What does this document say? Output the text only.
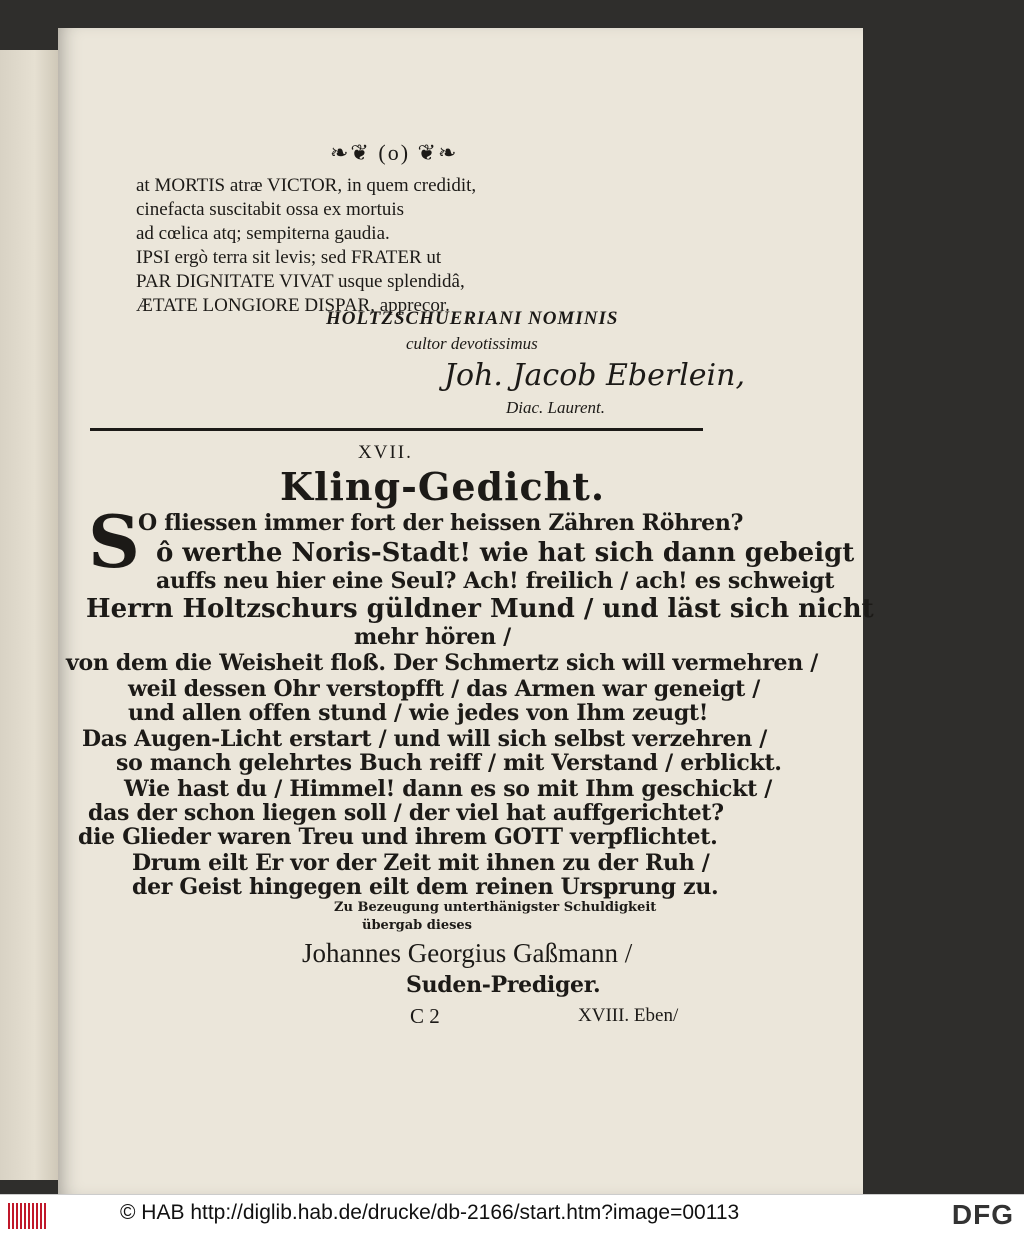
❧❦ (o) ❦❧
at MORTIS atræ VICTOR, in quem credidit,
cinefacta suscitabit ossa ex mortuis
ad cœlica atq; sempiterna gaudia.
IPSI ergò terra sit levis; sed FRATER ut
PAR DIGNITATE VIVAT usque splendidâ,
ÆTATE LONGIORE DISPAR, apprecor.
HOLTZSCHUERIANI NOMINIS
cultor devotissimus
Joh. Jacob Eberlein,
Diac. Laurent.
XVII.
Kling-Gedicht.
S
O fliessen immer fort der heissen Zähren Röhren?
ô werthe Noris-Stadt! wie hat sich dann gebeigt
auffs neu hier eine Seul? Ach! freilich / ach! es schweigt
Herrn Holtzschurs güldner Mund / und läst sich nicht
mehr hören /
von dem die Weisheit floß. Der Schmertz sich will vermehren /
weil dessen Ohr verstopfft / das Armen war geneigt /
und allen offen stund / wie jedes von Ihm zeugt!
Das Augen-Licht erstart / und will sich selbst verzehren /
so manch gelehrtes Buch reiff / mit Verstand / erblickt.
Wie hast du / Himmel! dann es so mit Ihm geschickt /
das der schon liegen soll / der viel hat auffgerichtet?
die Glieder waren Treu und ihrem GOTT verpflichtet.
Drum eilt Er vor der Zeit mit ihnen zu der Ruh /
der Geist hingegen eilt dem reinen Ursprung zu.
Zu Bezeugung unterthänigster Schuldigkeit
übergab dieses
Johannes Georgius Gaßmann /
Suden-Prediger.
C 2	XVIII. Eben/
© HAB http://diglib.hab.de/drucke/db-2166/start.htm?image=00113	DFG
